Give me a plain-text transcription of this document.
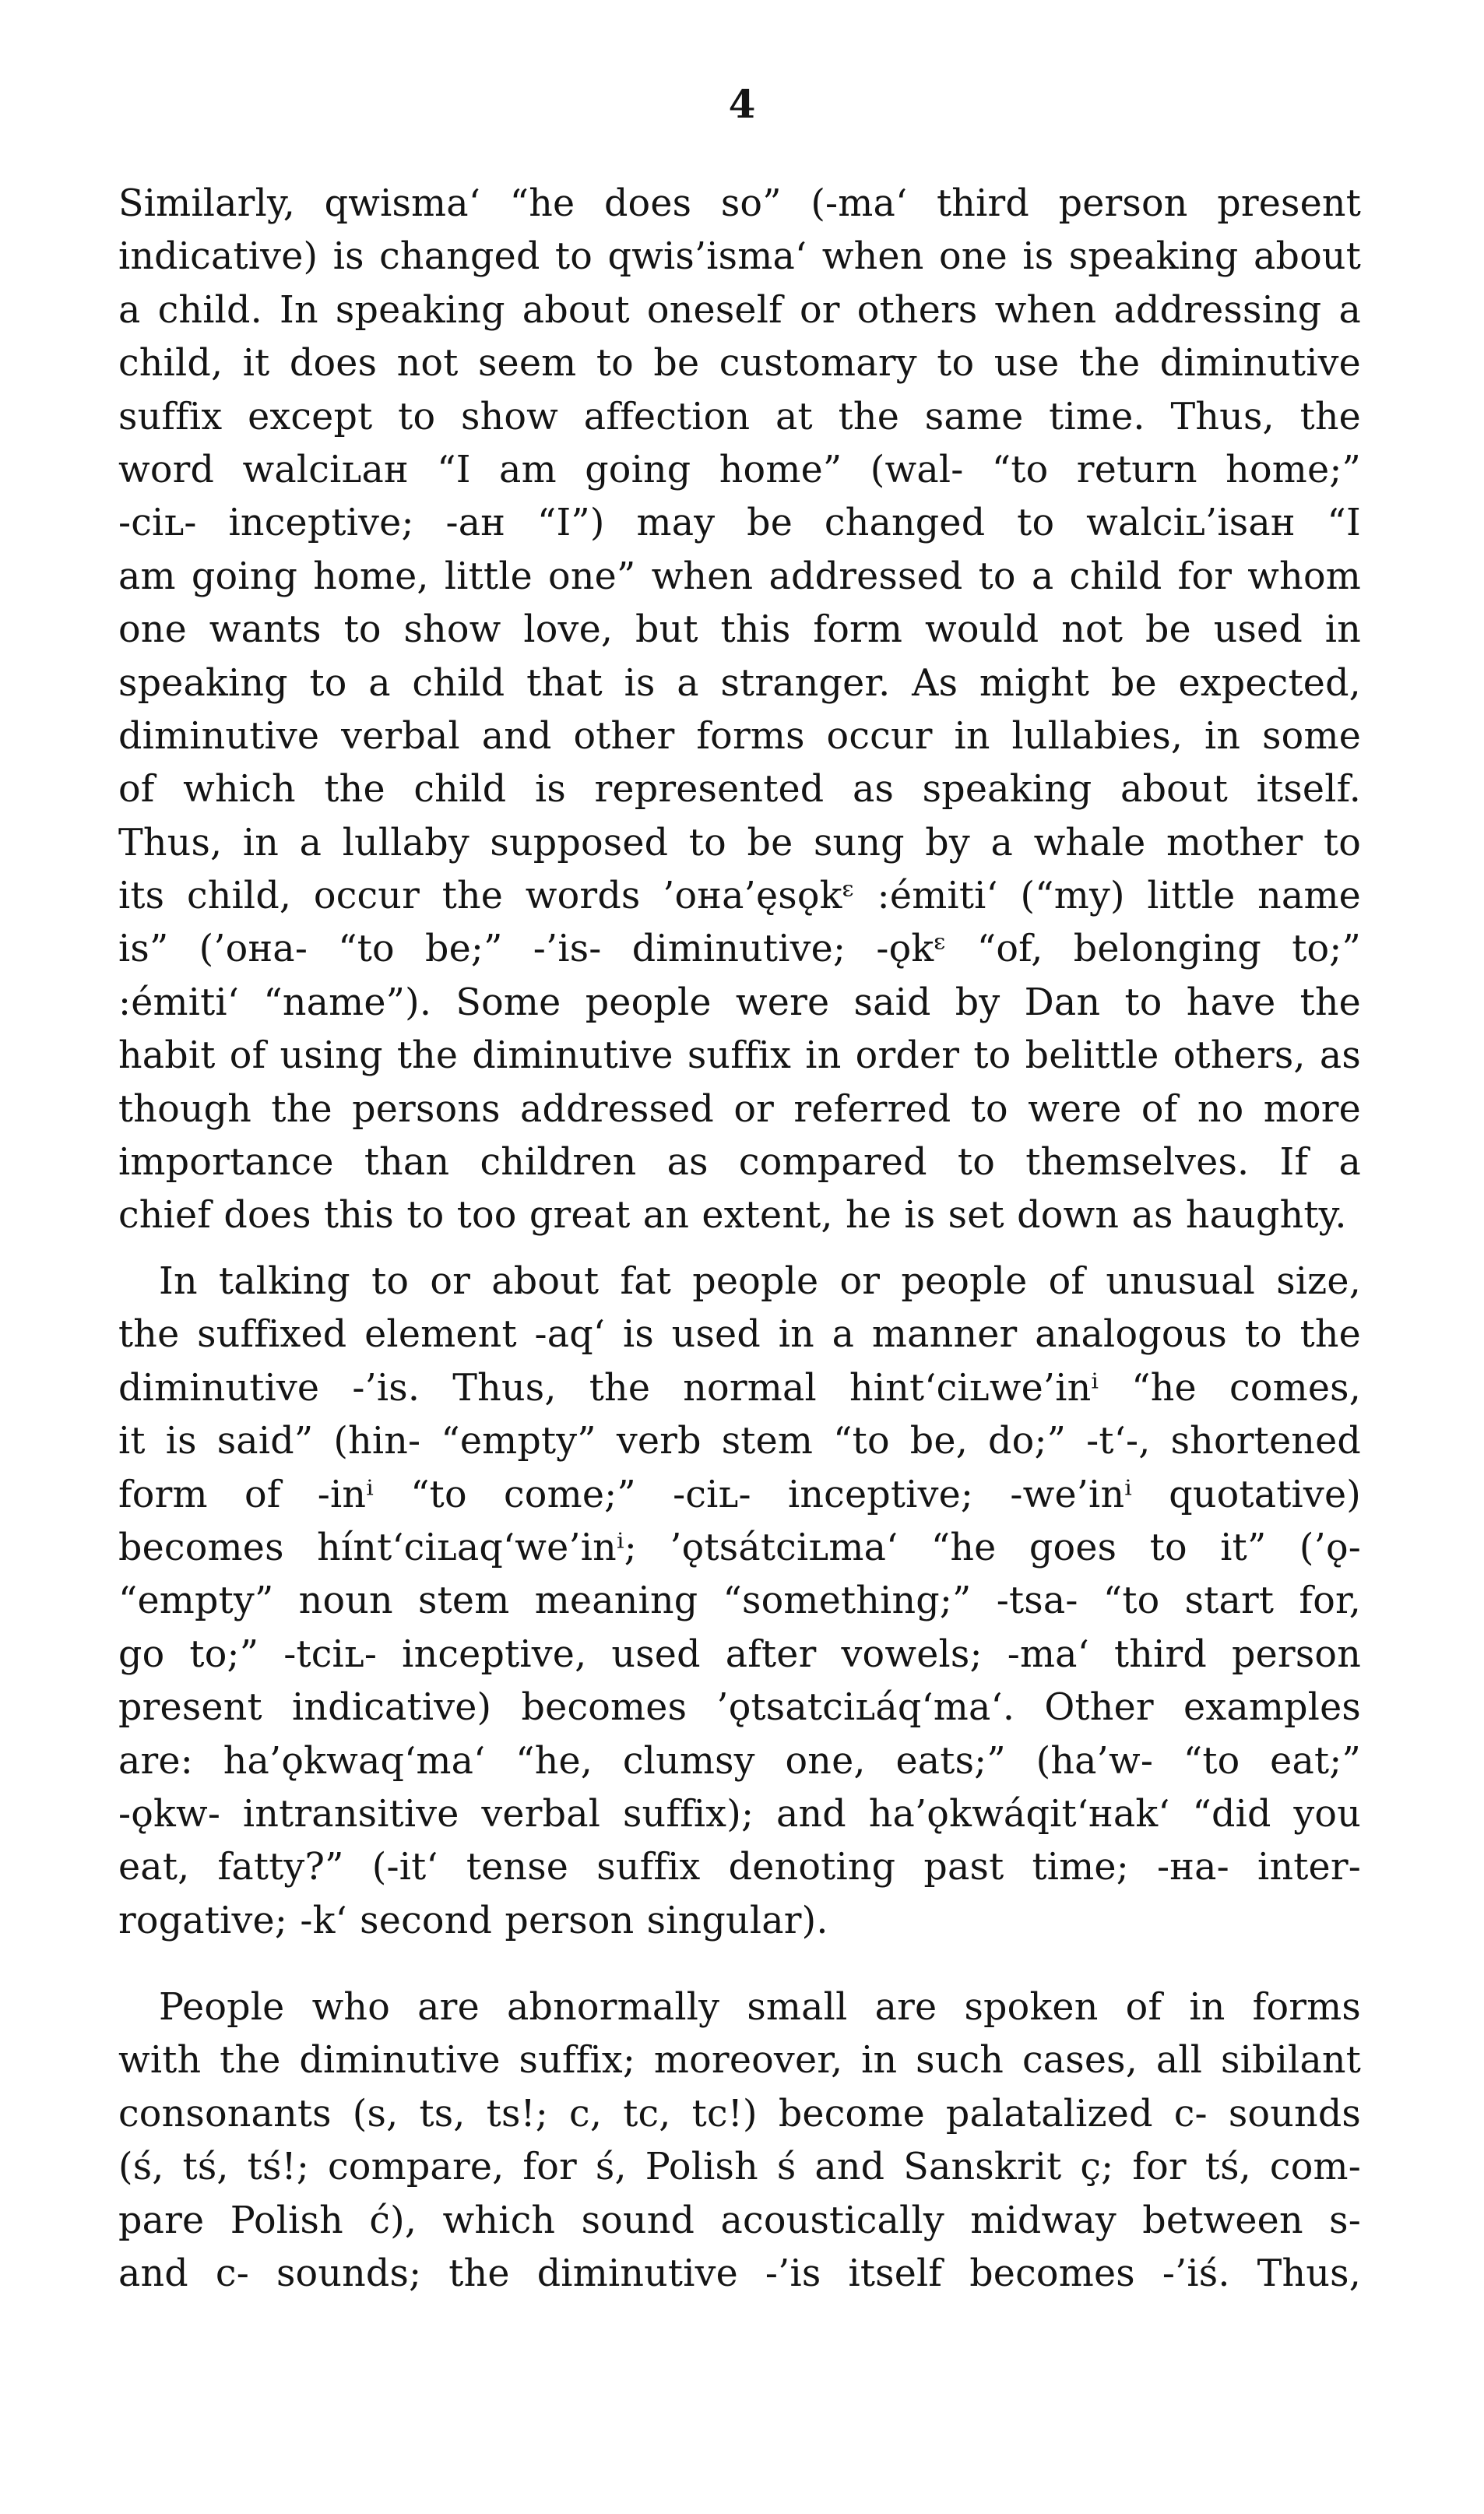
4
Similarly, qwisma‘ “he does so” (-ma‘ third person present
indicative) is changed to qwis’isma‘ when one is speaking about
a child. In speaking about oneself or others when addressing a
child, it does not seem to be customary to use the diminutive
suffix except to show affection at the same time. Thus, the
word walciʟaʜ “I am going home” (wal- “to return home;”
-ciʟ- inceptive; -aʜ “I”) may be changed to walciʟ’isaʜ “I
am going home, little one” when addressed to a child for whom
one wants to show love, but this form would not be used in
speaking to a child that is a stranger. As might be expected,
diminutive verbal and other forms occur in lullabies, in some
of which the child is represented as speaking about itself.
Thus, in a lullaby supposed to be sung by a whale mother to
its child, occur the words ’oʜa’ęsǫkᵋ :émiti‘ (“my) little name
is” (’oʜa- “to be;” -’is- diminutive; -ǫkᵋ “of, belonging to;”
:émiti‘ “name”). Some people were said by Dan to have the
habit of using the diminutive suffix in order to belittle others, as
though the persons addressed or referred to were of no more
importance than children as compared to themselves. If a
chief does this to too great an extent, he is set down as haughty.
In talking to or about fat people or people of unusual size,
the suffixed element -aq‘ is used in a manner analogous to the
diminutive -’is. Thus, the normal hint‘ciʟwe’inⁱ “he comes,
it is said” (hin- “empty” verb stem “to be, do;” -t‘-, shortened
form of -inⁱ “to come;” -ciʟ- inceptive; -we’inⁱ quotative)
becomes hínt‘ciʟaq‘we’inⁱ; ’ǫtsátciʟma‘ “he goes to it” (’ǫ-
“empty” noun stem meaning “something;” -tsa- “to start for,
go to;” -tciʟ- inceptive, used after vowels; -ma‘ third person
present indicative) becomes ’ǫtsatciʟáq‘ma‘. Other examples
are: ha’ǫkwaq‘ma‘ “he, clumsy one, eats;” (ha’w- “to eat;”
-ǫkw- intransitive verbal suffix); and ha’ǫkwáqit‘ʜak‘ “did you
eat, fatty?” (-it‘ tense suffix denoting past time; -ʜa- inter-
rogative; -k‘ second person singular).
People who are abnormally small are spoken of in forms
with the diminutive suffix; moreover, in such cases, all sibilant
consonants (s, ts, ts!; c, tc, tc!) become palatalized c- sounds
(ś, tś, tś!; compare, for ś, Polish ś and Sanskrit ç; for tś, com-
pare Polish ć), which sound acoustically midway between s-
and c- sounds; the diminutive -’is itself becomes -’iś. Thus,
